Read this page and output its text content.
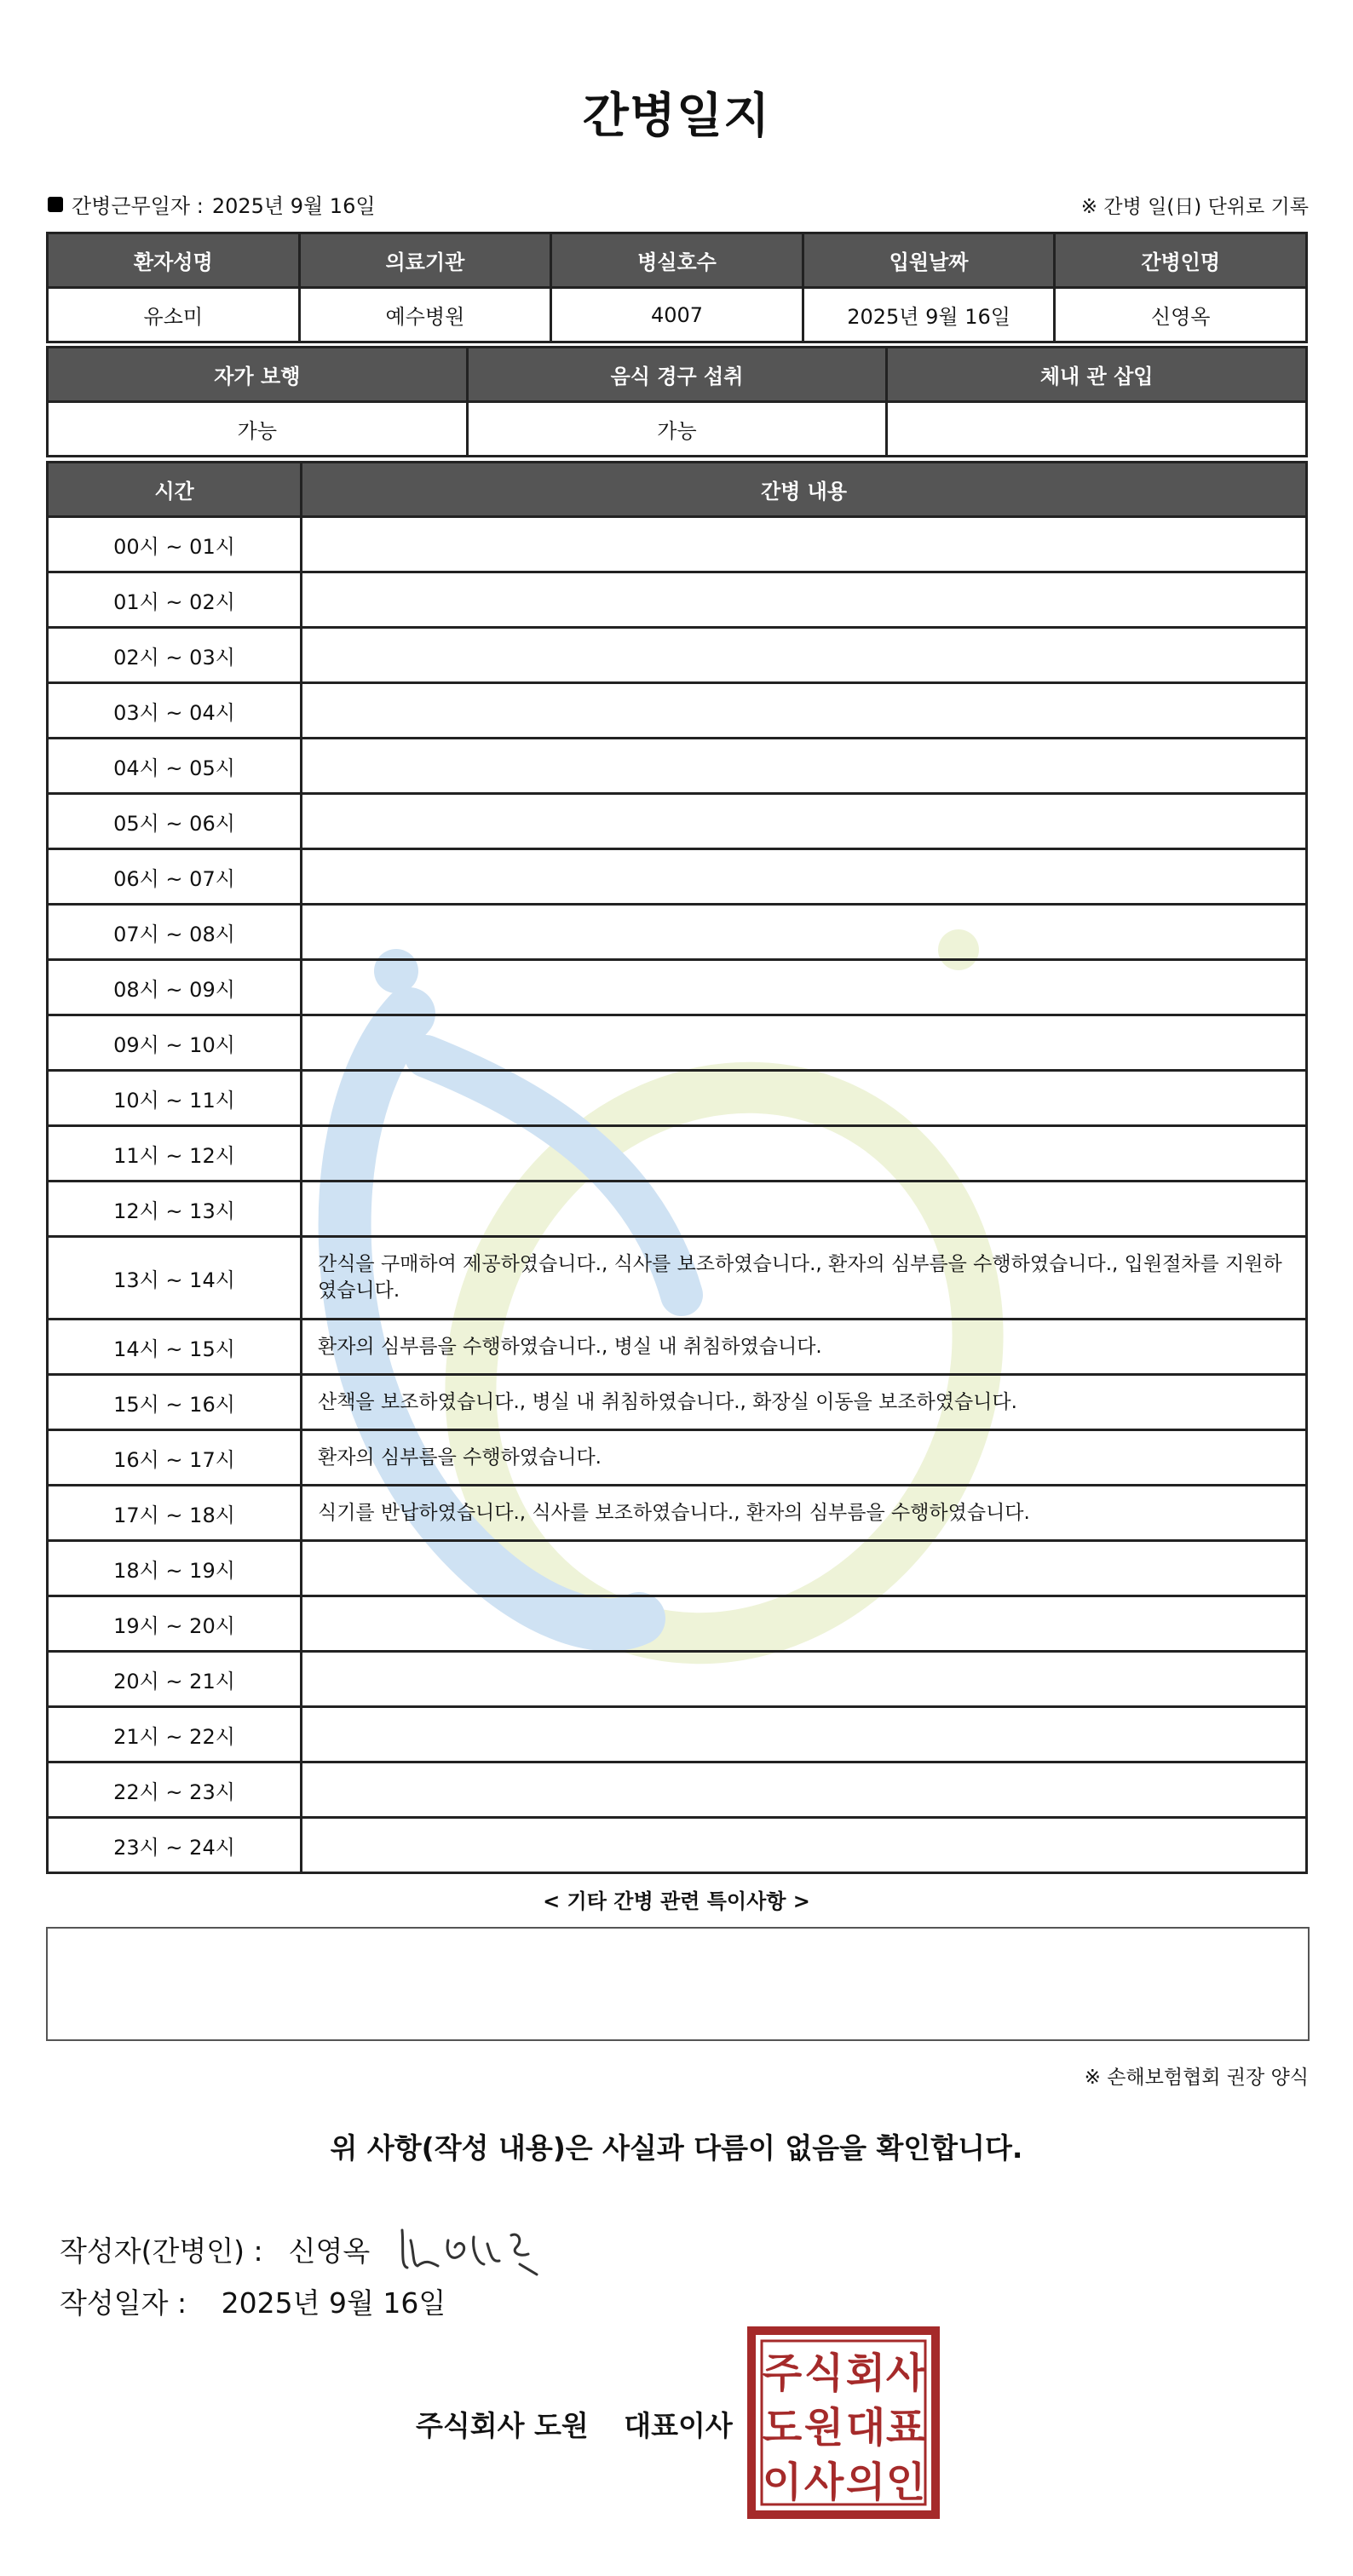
간병일지
간병근무일자 : 2025년 9월 16일	※ 간병 일(日) 단위로 기록
환자성명	의료기관	병실호수	입원날짜	간병인명
유소미	예수병원	4007	2025년 9월 16일	신영옥
자가 보행	음식 경구 섭취	체내 관 삽입
가능	가능	
시간	간병 내용
00시 ~ 01시	
01시 ~ 02시	
02시 ~ 03시	
03시 ~ 04시	
04시 ~ 05시	
05시 ~ 06시	
06시 ~ 07시	
07시 ~ 08시	
08시 ~ 09시	
09시 ~ 10시	
10시 ~ 11시	
11시 ~ 12시	
12시 ~ 13시	
13시 ~ 14시	간식을 구매하여 제공하였습니다., 식사를 보조하였습니다., 환자의 심부름을 수행하였습니다., 입원절차를 지원하였습니다.
14시 ~ 15시	환자의 심부름을 수행하였습니다., 병실 내 취침하였습니다.
15시 ~ 16시	산책을 보조하였습니다., 병실 내 취침하였습니다., 화장실 이동을 보조하였습니다.
16시 ~ 17시	환자의 심부름을 수행하였습니다.
17시 ~ 18시	식기를 반납하였습니다., 식사를 보조하였습니다., 환자의 심부름을 수행하였습니다.
18시 ~ 19시	
19시 ~ 20시	
20시 ~ 21시	
21시 ~ 22시	
22시 ~ 23시	
23시 ~ 24시	
< 기타 간병 관련 특이사항 >
※ 손해보험협회 권장 양식
위 사항(작성 내용)은 사실과 다름이 없음을 확인합니다.
작성자(간병인) : 신영옥
작성일자 : 2025년 9월 16일
주식회사 도원 대표이사
주 식 회 사
도 원 대 표
이 사 의 인
